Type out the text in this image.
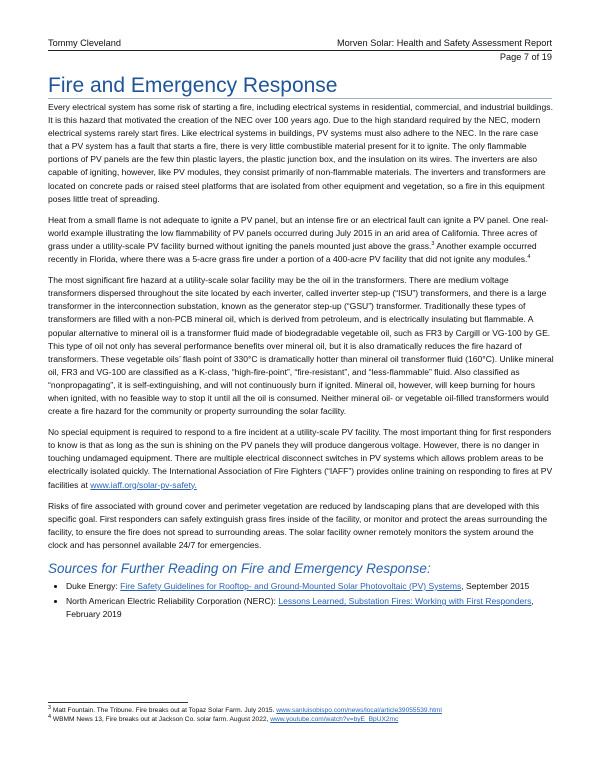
Tommy Cleveland	Morven Solar: Health and Safety Assessment Report
Page 7 of 19
Fire and Emergency Response

Every electrical system has some risk of starting a fire, including electrical systems in residential, commercial, and industrial buildings. It is this hazard that motivated the creation of the NEC over 100 years ago. Due to the high standard required by the NEC, modern electrical systems rarely start fires. Like electrical systems in buildings, PV systems must also adhere to the NEC. In the rare case that a PV system has a fault that starts a fire, there is very little combustible material present for it to ignite. The only flammable portions of PV panels are the few thin plastic layers, the plastic junction box, and the insulation on its wires. The inverters are also capable of igniting, however, like PV modules, they consist primarily of non-flammable materials. The inverters and transformers are located on concrete pads or raised steel platforms that are isolated from other equipment and vegetation, so a fire in this equipment poses little treat of spreading.

Heat from a small flame is not adequate to ignite a PV panel, but an intense fire or an electrical fault can ignite a PV panel. One real-world example illustrating the low flammability of PV panels occurred during July 2015 in an arid area of California. Three acres of grass under a utility-scale PV facility burned without igniting the panels mounted just above the grass.$^3$ Another example occurred recently in Florida, where there was a 5-acre grass fire under a portion of a 400-acre PV facility that did not ignite any modules.$^4$

The most significant fire hazard at a utility-scale solar facility may be the oil in the transformers. There are medium voltage transformers dispersed throughout the site located by each inverter, called inverter step-up (“ISU”) transformers, and there is a large transformer in the interconnection substation, known as the generator step-up (“GSU”) transformer. Traditionally these types of transformers are filled with a non-PCB mineral oil, which is derived from petroleum, and is electrically insulating but flammable. A popular alternative to mineral oil is a transformer fluid made of biodegradable vegetable oil, such as FR3 by Cargill or VG-100 by GE. This type of oil not only has several performance benefits over mineral oil, but it is also dramatically reduces the fire hazard of transformers. These vegetable oils’ flash point of 330°C is dramatically hotter than mineral oil transformer fluid (160°C). Unlike mineral oil, FR3 and VG-100 are classified as a K-class, “high-fire-point”, “fire-resistant”, and “less-flammable” fluid. Also classified as “nonpropagating”, it is self-extinguishing, and will not continuously burn if ignited. Mineral oil, however, will keep burning for hours when ignited, with no feasible way to stop it until all the oil is consumed. Neither mineral oil- or vegetable oil-filled transformers would create a fire hazard for the community or property surrounding the solar facility.

No special equipment is required to respond to a fire incident at a utility-scale PV facility. The most important thing for first responders to know is that as long as the sun is shining on the PV panels they will produce dangerous voltage. However, there is no danger in touching undamaged equipment. There are multiple electrical disconnect switches in PV systems which allows problem areas to be electrically isolated quickly. The International Association of Fire Fighters (“IAFF”) provides online training on responding to fires at PV facilities at www.iaff.org/solar-pv-safety.

Risks of fire associated with ground cover and perimeter vegetation are reduced by landscaping plans that are developed with this specific goal. First responders can safely extinguish grass fires inside of the facility, or monitor and protect the areas surrounding the facility, to ensure the fire does not spread to surrounding areas. The solar facility owner remotely monitors the system around the clock and has personnel available 24/7 for emergencies.

Sources for Further Reading on Fire and Emergency Response:
• Duke Energy: Fire Safety Guidelines for Rooftop- and Ground-Mounted Solar Photovoltaic (PV) Systems, September 2015
• North American Electric Reliability Corporation (NERC): Lessons Learned, Substation Fires: Working with First Responders, February 2019

$^3$ Matt Fountain. The Tribune. Fire breaks out at Topaz Solar Farm. July 2015. www.sanluisobispo.com/news/local/article39055539.html

$^4$ WBMM News 13, Fire breaks out at Jackson Co. solar farm. August 2022, www.youtube.com/watch?v=byE_BpUX2mc
